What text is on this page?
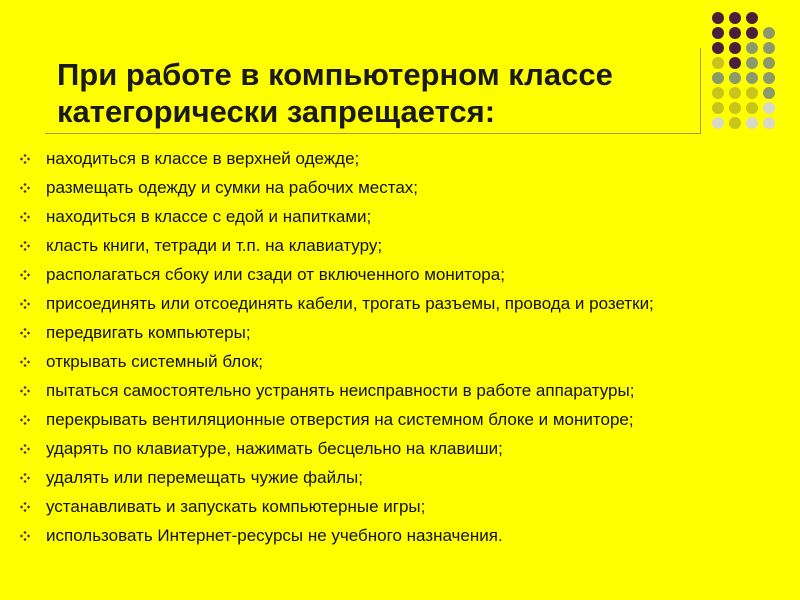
При работе в компьютерном классе
категорически запрещается:
находиться в классе в верхней одежде;
размещать одежду и сумки на рабочих местах;
находиться в классе с едой и напитками;
класть книги, тетради и т.п. на клавиатуру;
располагаться сбоку или сзади от включенного монитора;
присоединять или отсоединять кабели, трогать разъемы, провода и розетки;
передвигать компьютеры;
открывать системный блок;
пытаться самостоятельно устранять неисправности в работе аппаратуры;
перекрывать вентиляционные отверстия на системном блоке и мониторе;
ударять по клавиатуре, нажимать бесцельно на клавиши;
удалять или перемещать чужие файлы;
устанавливать и запускать компьютерные игры;
использовать Интернет-ресурсы не учебного назначения.
